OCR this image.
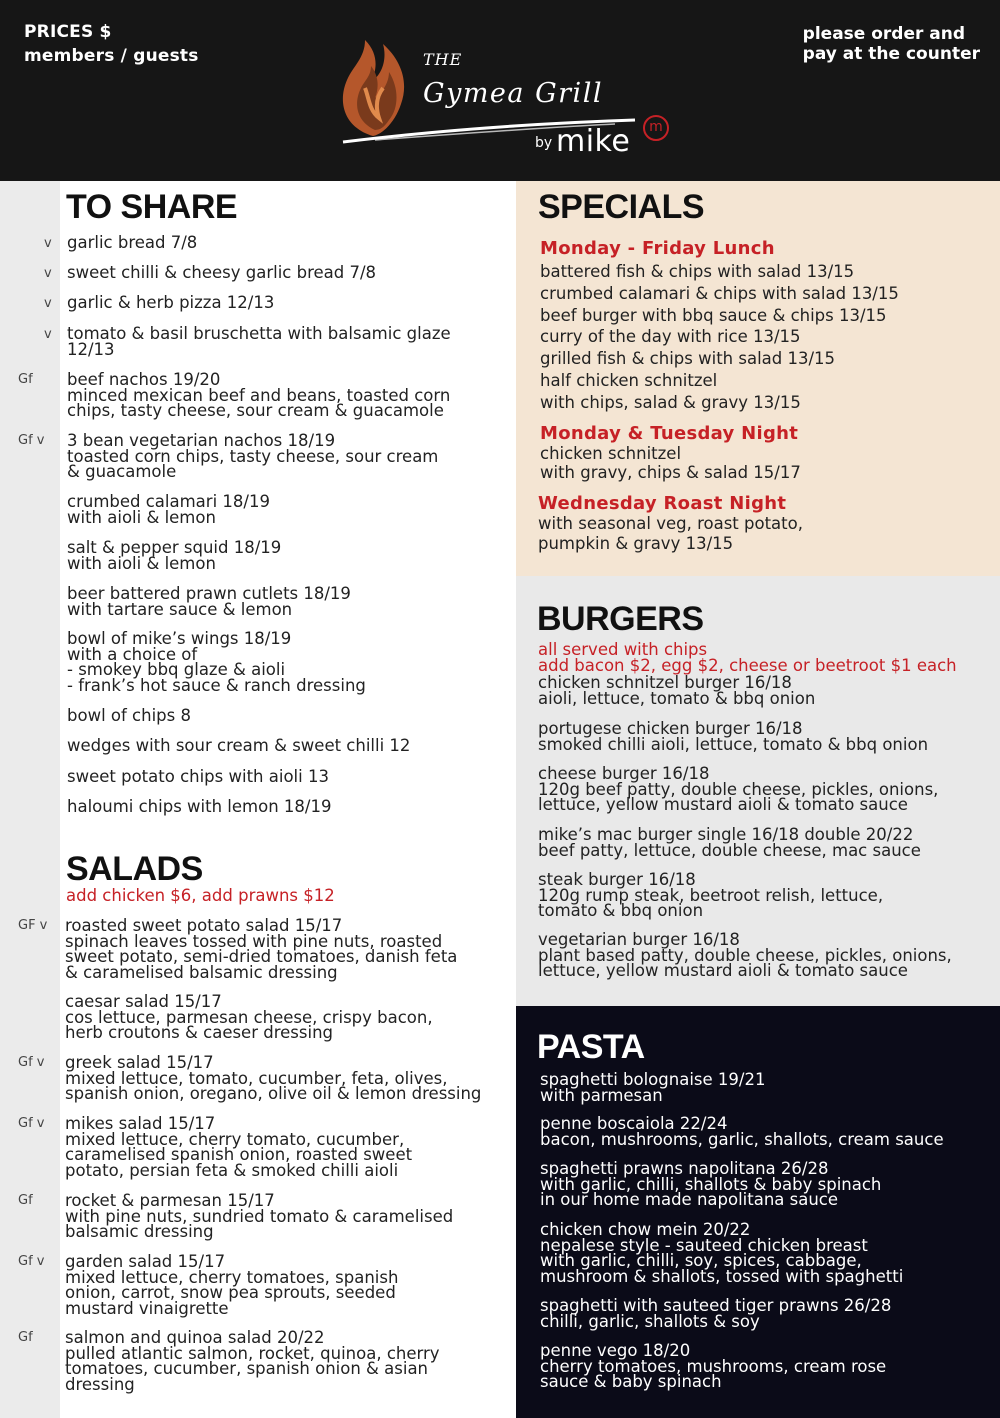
PRICES $
members / guests	THE
Gymea Grill
by mike	m
please order and
pay at the counter
TO SHARE
v garlic bread 7/8
v sweet chilli & cheesy garlic bread 7/8
v garlic & herb pizza 12/13
v tomato & basil bruschetta with balsamic glaze
12/13
Gf beef nachos 19/20
minced mexican beef and beans, toasted corn
chips, tasty cheese, sour cream & guacamole
Gf v 3 bean vegetarian nachos 18/19
toasted corn chips, tasty cheese, sour cream
& guacamole
crumbed calamari 18/19
with aioli & lemon
salt & pepper squid 18/19
with aioli & lemon
beer battered prawn cutlets 18/19
with tartare sauce & lemon
bowl of mike’s wings 18/19
with a choice of
- smokey bbq glaze & aioli
- frank’s hot sauce & ranch dressing
bowl of chips 8
wedges with sour cream & sweet chilli 12
sweet potato chips with aioli 13
haloumi chips with lemon 18/19
SALADS
add chicken $6, add prawns $12
GF v roasted sweet potato salad 15/17
spinach leaves tossed with pine nuts, roasted
sweet potato, semi-dried tomatoes, danish feta
& caramelised balsamic dressing
caesar salad 15/17
cos lettuce, parmesan cheese, crispy bacon,
herb croutons & caeser dressing
Gf v greek salad 15/17
mixed lettuce, tomato, cucumber, feta, olives,
spanish onion, oregano, olive oil & lemon dressing
Gf v mikes salad 15/17
mixed lettuce, cherry tomato, cucumber,
caramelised spanish onion, roasted sweet
potato, persian feta & smoked chilli aioli
Gf rocket & parmesan 15/17
with pine nuts, sundried tomato & caramelised
balsamic dressing
Gf v garden salad 15/17
mixed lettuce, cherry tomatoes, spanish
onion, carrot, snow pea sprouts, seeded
mustard vinaigrette
Gf salmon and quinoa salad 20/22
pulled atlantic salmon, rocket, quinoa, cherry
tomatoes, cucumber, spanish onion & asian
dressing
SPECIALS
Monday - Friday Lunch
battered fish & chips with salad 13/15
crumbed calamari & chips with salad 13/15
beef burger with bbq sauce & chips 13/15
curry of the day with rice 13/15
grilled fish & chips with salad 13/15
half chicken schnitzel
with chips, salad & gravy 13/15
Monday & Tuesday Night
chicken schnitzel
with gravy, chips & salad 15/17
Wednesday Roast Night
with seasonal veg, roast potato,
pumpkin & gravy 13/15
BURGERS
all served with chips
add bacon $2, egg $2, cheese or beetroot $1 each
chicken schnitzel burger 16/18
aioli, lettuce, tomato & bbq onion
portugese chicken burger 16/18
smoked chilli aioli, lettuce, tomato & bbq onion
cheese burger 16/18
120g beef patty, double cheese, pickles, onions,
lettuce, yellow mustard aioli & tomato sauce
mike’s mac burger single 16/18 double 20/22
beef patty, lettuce, double cheese, mac sauce
steak burger 16/18
120g rump steak, beetroot relish, lettuce,
tomato & bbq onion
vegetarian burger 16/18
plant based patty, double cheese, pickles, onions,
lettuce, yellow mustard aioli & tomato sauce
PASTA
spaghetti bolognaise 19/21
with parmesan
penne boscaiola 22/24
bacon, mushrooms, garlic, shallots, cream sauce
spaghetti prawns napolitana 26/28
with garlic, chilli, shallots & baby spinach
in our home made napolitana sauce
chicken chow mein 20/22
nepalese style - sauteed chicken breast
with garlic, chilli, soy, spices, cabbage,
mushroom & shallots, tossed with spaghetti
spaghetti with sauteed tiger prawns 26/28
chilli, garlic, shallots & soy
penne vego 18/20
cherry tomatoes, mushrooms, cream rose
sauce & baby spinach
